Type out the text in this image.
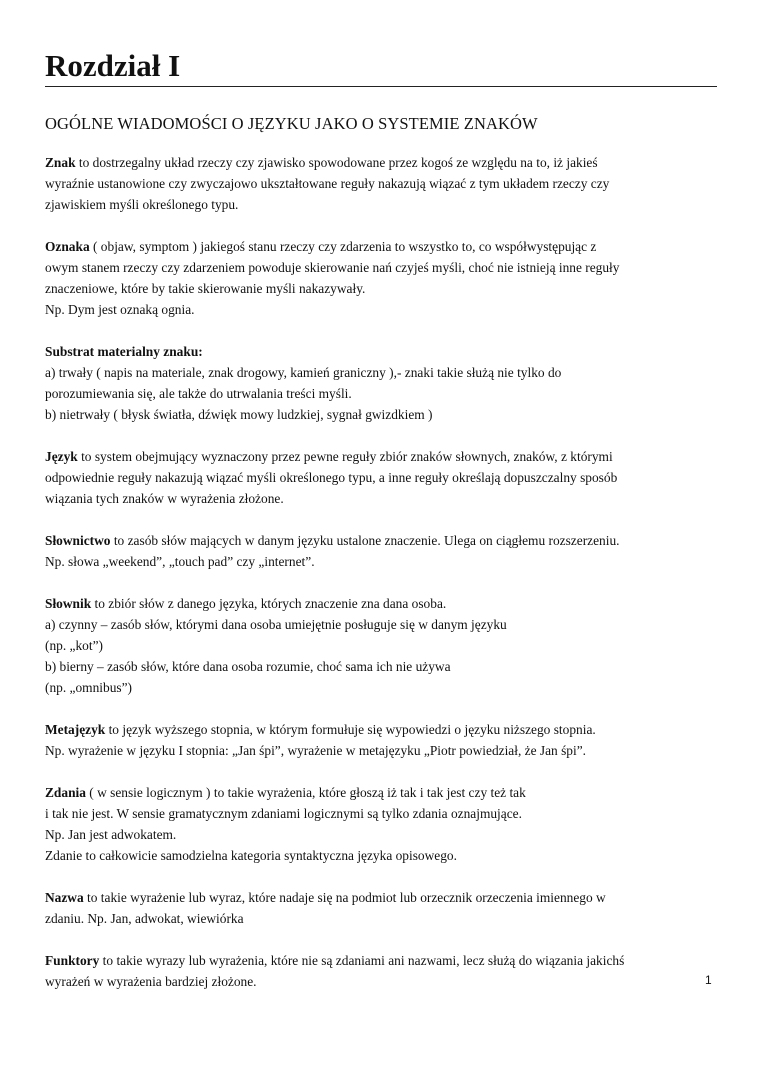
Rozdział I
OGÓLNE WIADOMOŚCI O JĘZYKU JAKO O SYSTEMIE ZNAKÓW
Znak to dostrzegalny układ rzeczy czy zjawisko spowodowane przez kogoś ze względu na to, iż jakieś
wyraźnie ustanowione czy zwyczajowo ukształtowane reguły nakazują wiązać z tym układem rzeczy czy
zjawiskiem myśli określonego typu.
Oznaka ( objaw, symptom ) jakiegoś stanu rzeczy czy zdarzenia to wszystko to, co współwystępując z
owym stanem rzeczy czy zdarzeniem powoduje skierowanie nań czyjeś myśli, choć nie istnieją inne reguły
znaczeniowe, które by takie skierowanie myśli nakazywały.
Np. Dym jest oznaką ognia.
Substrat materialny znaku:
a) trwały ( napis na materiale, znak drogowy, kamień graniczny ),- znaki takie służą nie tylko do
porozumiewania się, ale także do utrwalania treści myśli.
b) nietrwały ( błysk światła, dźwięk mowy ludzkiej, sygnał gwizdkiem )
Język to system obejmujący wyznaczony przez pewne reguły zbiór znaków słownych, znaków, z którymi
odpowiednie reguły nakazują wiązać myśli określonego typu, a inne reguły określają dopuszczalny sposób
wiązania tych znaków w wyrażenia złożone.
Słownictwo to zasób słów mających w danym języku ustalone znaczenie. Ulega on ciągłemu rozszerzeniu.
Np. słowa „weekend”, „touch pad” czy „internet”.
Słownik to zbiór słów z danego języka, których znaczenie zna dana osoba.
a) czynny – zasób słów, którymi dana osoba umiejętnie posługuje się w danym języku
(np. „kot”)
b) bierny – zasób słów, które dana osoba rozumie, choć sama ich nie używa
(np. „omnibus”)
Metajęzyk to język wyższego stopnia, w którym formułuje się wypowiedzi o języku niższego stopnia.
Np. wyrażenie w języku I stopnia: „Jan śpi”, wyrażenie w metajęzyku „Piotr powiedział, że Jan śpi”.
Zdania ( w sensie logicznym ) to takie wyrażenia, które głoszą iż tak i tak jest czy też tak
i tak nie jest. W sensie gramatycznym zdaniami logicznymi są tylko zdania oznajmujące.
Np. Jan jest adwokatem.
Zdanie to całkowicie samodzielna kategoria syntaktyczna języka opisowego.
Nazwa to takie wyrażenie lub wyraz, które nadaje się na podmiot lub orzecznik orzeczenia imiennego w
zdaniu. Np. Jan, adwokat, wiewiórka
Funktory to takie wyrazy lub wyrażenia, które nie są zdaniami ani nazwami, lecz służą do wiązania jakichś
wyrażeń w wyrażenia bardziej złożone.	1
